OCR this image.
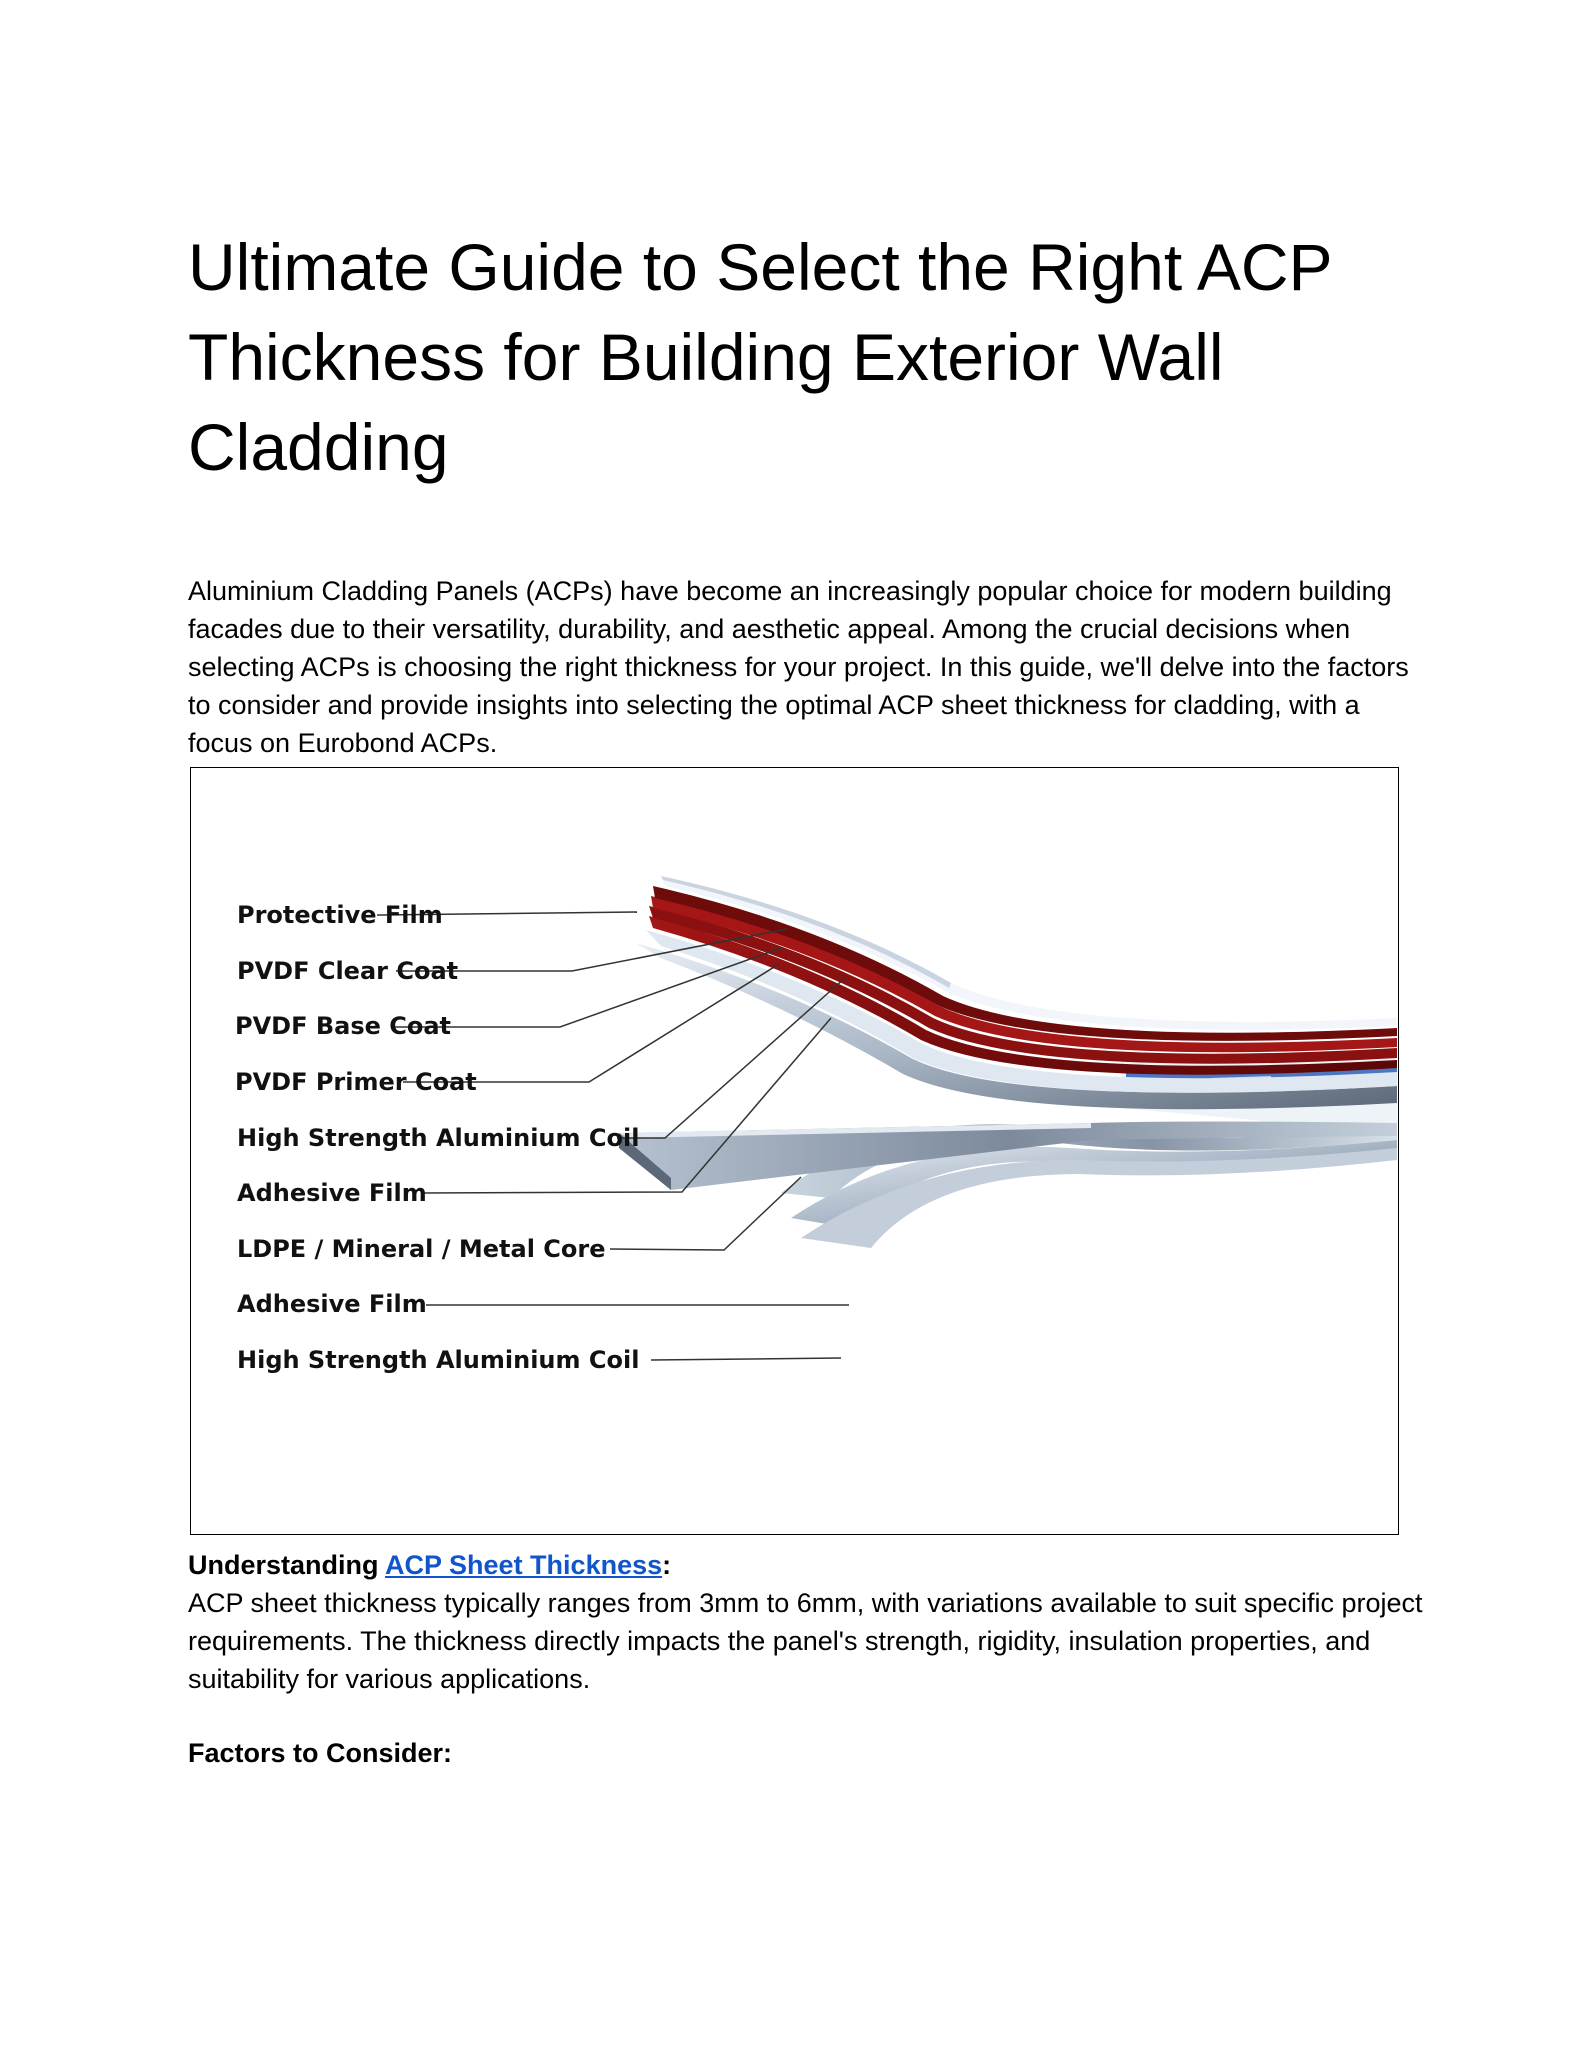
Ultimate Guide to Select the Right ACP Thickness for Building Exterior Wall Cladding

Aluminium Cladding Panels (ACPs) have become an increasingly popular choice for modern building facades due to their versatility, durability, and aesthetic appeal. Among the crucial decisions when selecting ACPs is choosing the right thickness for your project. In this guide, we'll delve into the factors to consider and provide insights into selecting the optimal ACP sheet thickness for cladding, with a focus on Eurobond ACPs.

Protective Film
PVDF Clear Coat
PVDF Base Coat
PVDF Primer Coat
High Strength Aluminium Coil
Adhesive Film
LDPE / Mineral / Metal Core
Adhesive Film
High Strength Aluminium Coil

Understanding ACP Sheet Thickness:

ACP sheet thickness typically ranges from 3mm to 6mm, with variations available to suit specific project requirements. The thickness directly impacts the panel's strength, rigidity, insulation properties, and suitability for various applications.

Factors to Consider:
